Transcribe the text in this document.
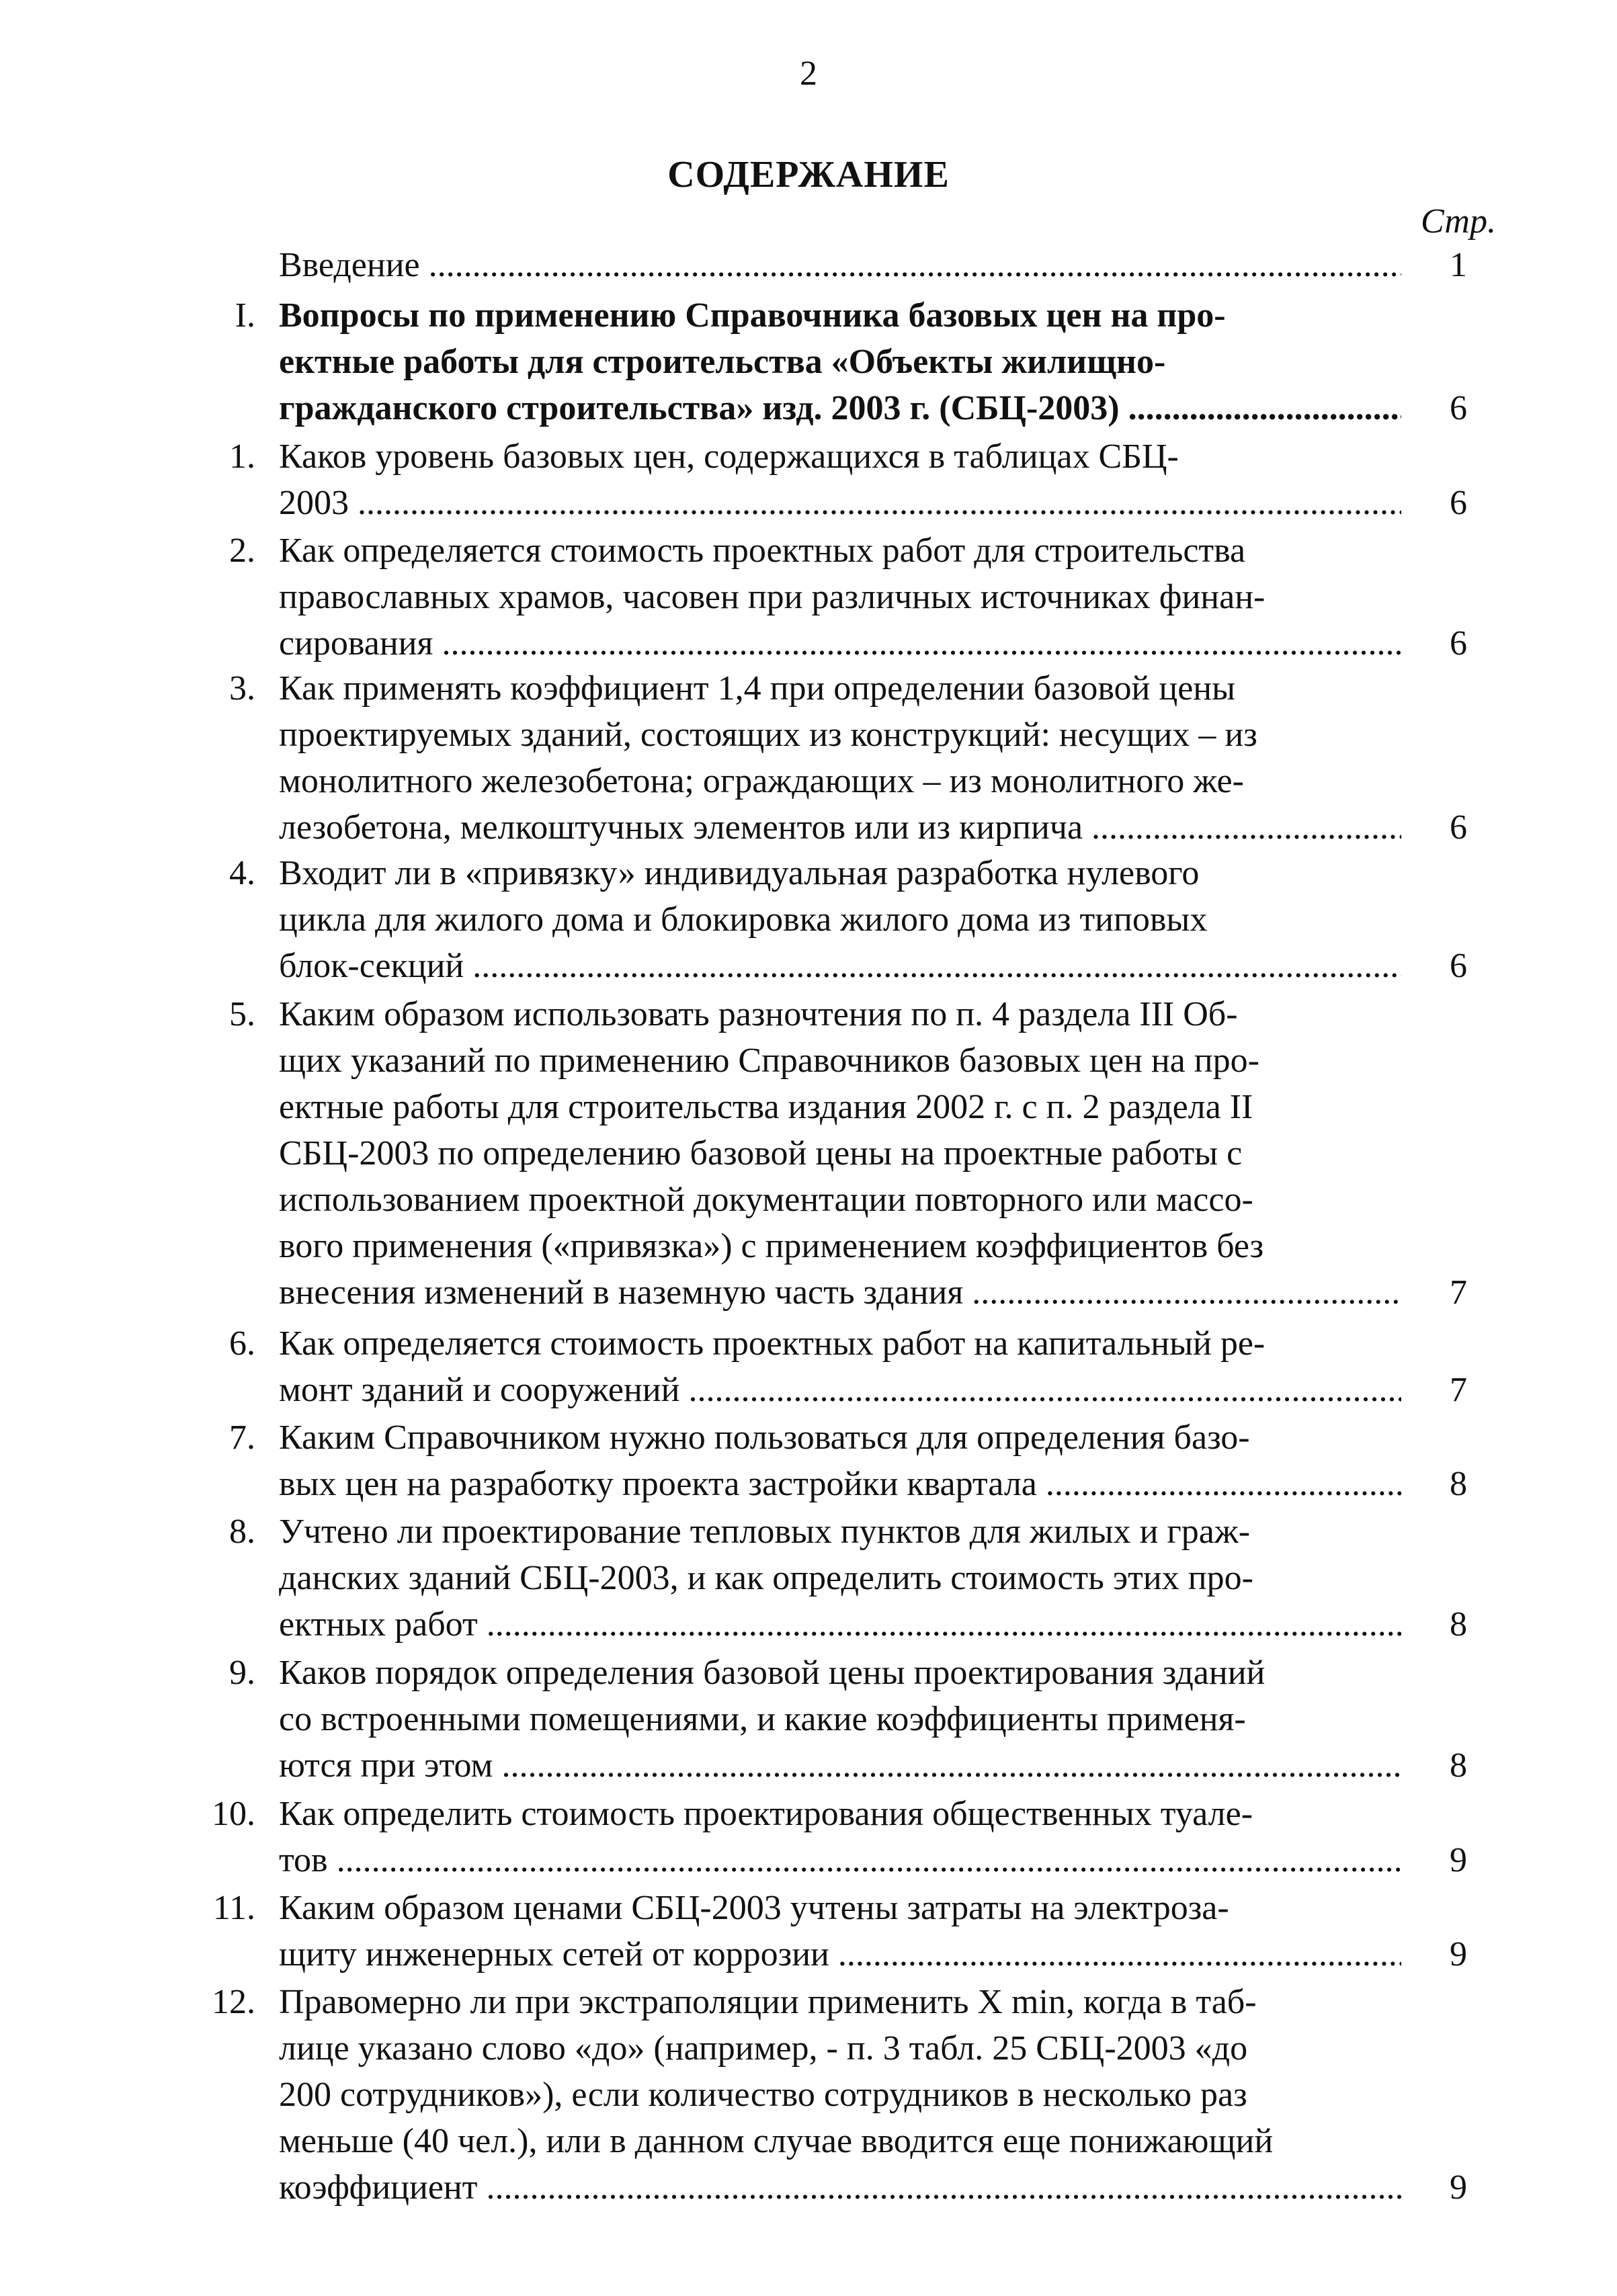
2
СОДЕРЖАНИЕ
Стр.
Введение .....	1
I. Вопросы по применению Справочника базовых цен на про-
ектные работы для строительства «Объекты жилищно-

гражданского строительства» изд. 2003 г. (СБЦ-2003) .....	6
1. Каков уровень базовых цен, содержащихся в таблицах СБЦ-

2003 .....	6
2. Как определяется стоимость проектных работ для строительства
православных храмов, часовен при различных источниках финан-

сирования .....	6
3. Как применять коэффициент 1,4 при определении базовой цены
проектируемых зданий, состоящих из конструкций: несущих – из
монолитного железобетона; ограждающих – из монолитного же-

лезобетона, мелкоштучных элементов или из кирпича .....	6
4. Входит ли в «привязку» индивидуальная разработка нулевого
цикла для жилого дома и блокировка жилого дома из типовых

блок-секций .....	6
5. Каким образом использовать разночтения по п. 4 раздела III Об-
щих указаний по применению Справочников базовых цен на про-
ектные работы для строительства издания 2002 г. с п. 2 раздела II
СБЦ-2003 по определению базовой цены на проектные работы с
использованием проектной документации повторного или массо-
вого применения («привязка») с применением коэффициентов без

внесения изменений в наземную часть здания .....	7
6. Как определяется стоимость проектных работ на капитальный ре-

монт зданий и сооружений .....	7
7. Каким Справочником нужно пользоваться для определения базо-

вых цен на разработку проекта застройки квартала .....	8
8. Учтено ли проектирование тепловых пунктов для жилых и граж-
данских зданий СБЦ-2003, и как определить стоимость этих про-

ектных работ .....	8
9. Каков порядок определения базовой цены проектирования зданий
со встроенными помещениями, и какие коэффициенты применя-

ются при этом .....	8
10. Как определить стоимость проектирования общественных туале-

тов .....	9
11. Каким образом ценами СБЦ-2003 учтены затраты на электроза-

щиту инженерных сетей от коррозии .....	9
12. Правомерно ли при экстраполяции применить X min, когда в таб-
лице указано слово «до» (например, - п. 3 табл. 25 СБЦ-2003 «до
200 сотрудников»), если количество сотрудников в несколько раз
меньше (40 чел.), или в данном случае вводится еще понижающий

коэффициент .....	9
